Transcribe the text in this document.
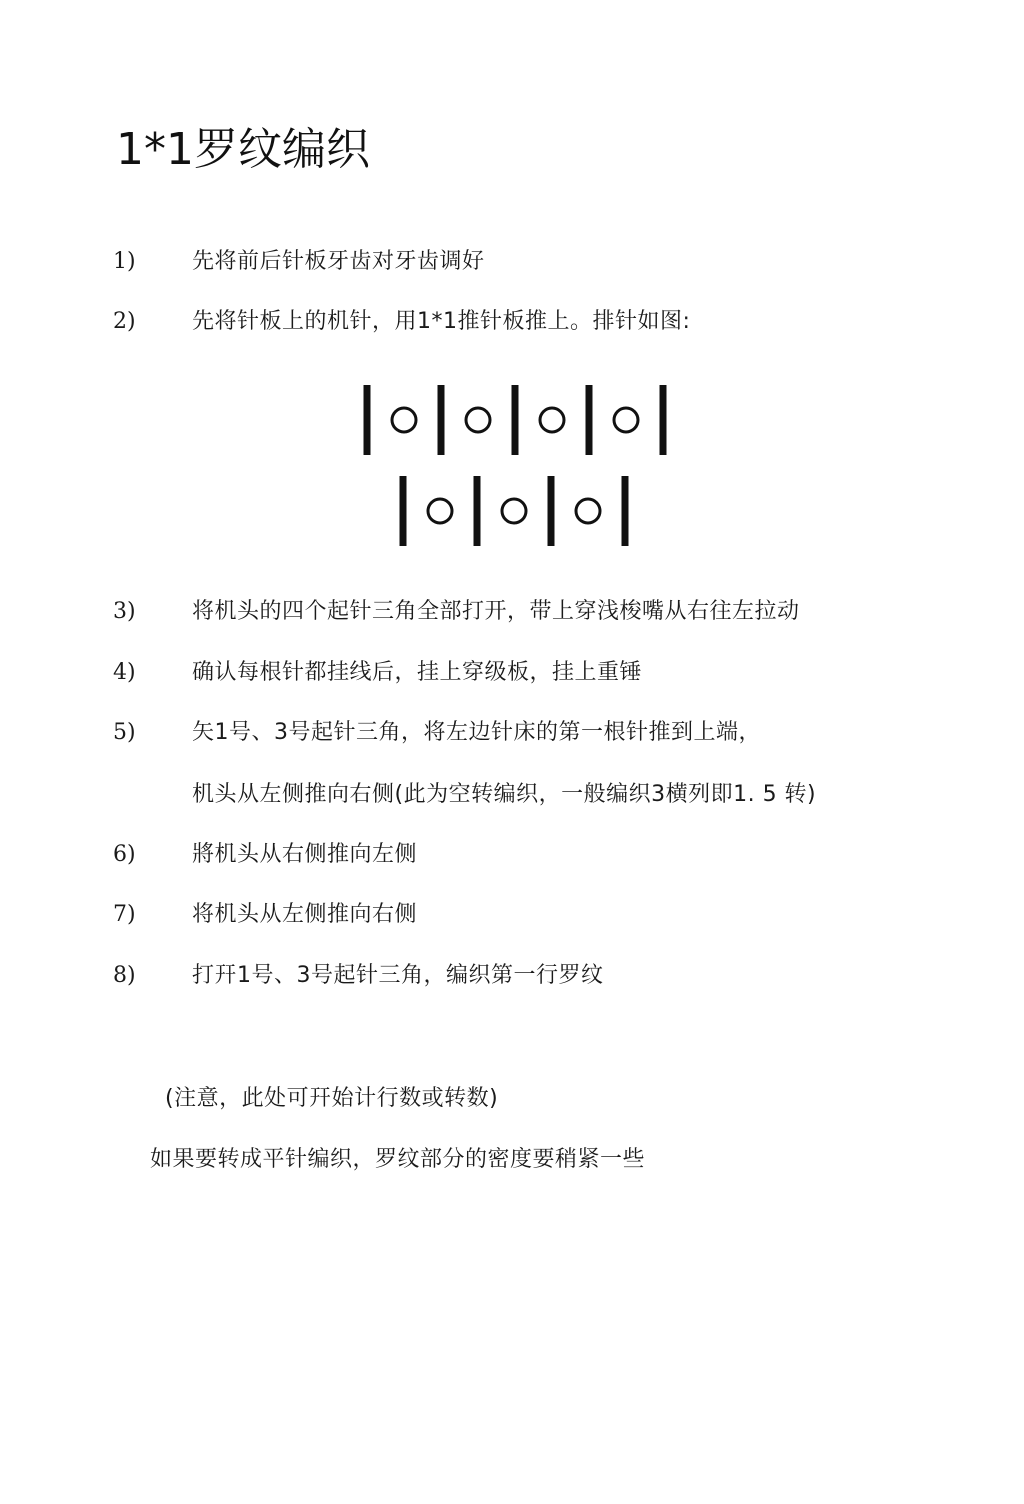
1*1罗纹编织
1)	先将前后针板牙齿对牙齿调好
2)	先将针板上的机针，用1*1推针板推上。排针如图:
3)	将机头的四个起针三角全部打开，带上穿浅梭嘴从右往左拉动
4)	确认每根针都挂线后，挂上穿级板，挂上重锤
5)	矢1号、3号起针三角，将左边针床的第一根针推到上端，
机头从左侧推向右侧(此为空转编织，一般编织3横列即1. 5 转)
6)	將机头从右侧推向左侧
7)	将机头从左侧推向右侧
8)	打幵1号、3号起针三角，编织第一行罗纹
(注意，此处可幵始计行数或转数)
如果要转成平针编织，罗纹部分的密度要稍紧一些
